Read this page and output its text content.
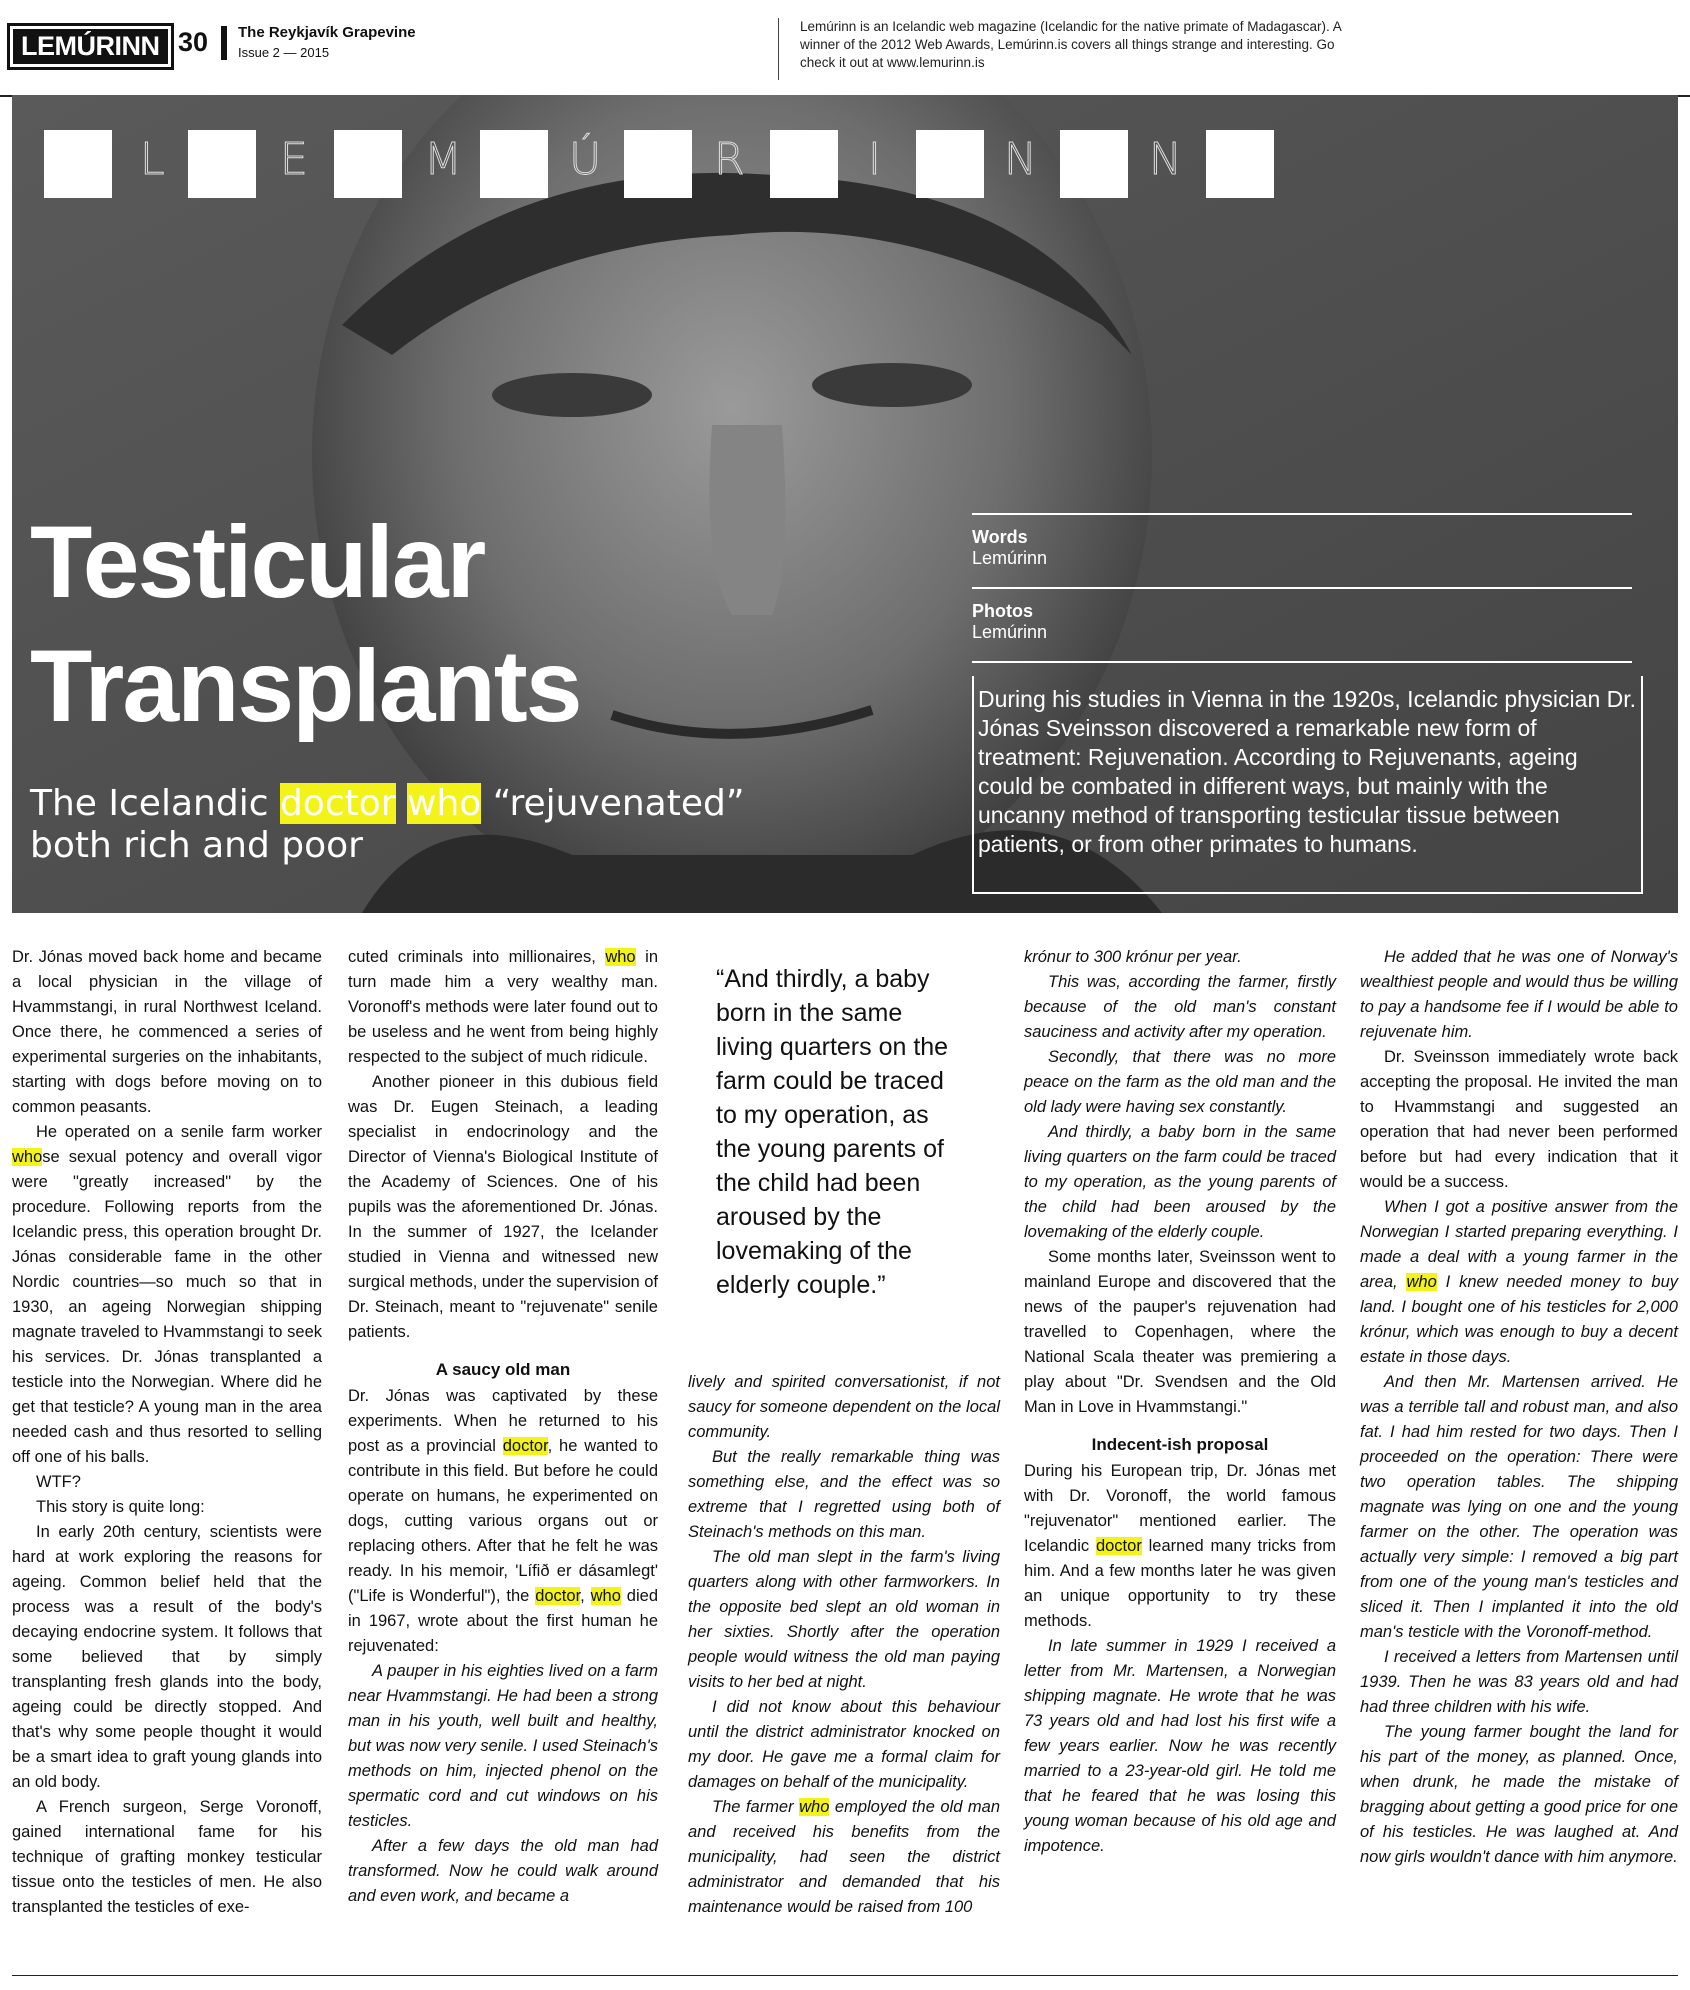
LEMÚRINN 30 The Reykjavík Grapevine
Issue 2 — 2015
Lemúrinn is an Icelandic web magazine (Icelandic for the native primate of Madagascar). A winner of the 2012 Web Awards, Lemúrinn.is covers all things strange and interesting. Go check it out at www.lemurinn.is
L	E	M Ú	R	I	N	N
Testicular
Transplants
The Icelandic doctor who “rejuvenated” both rich and poor
Words
Lemúrinn
Photos
Lemúrinn
During his studies in Vienna in the 1920s, Icelandic physician Dr. Jónas Sveinsson discovered a remarkable new form of treatment: Rejuvenation. According to Rejuvenants, ageing could be combated in different ways, but mainly with the uncanny method of transporting testicular tissue between patients, or from other primates to humans.

Dr. Jónas moved back home and became a local physician in the village of Hvammstangi, in rural Northwest Iceland. Once there, he commenced a series of experimental surgeries on the inhabitants, starting with dogs before moving on to common peasants.

He operated on a senile farm worker whose sexual potency and overall vigor were "greatly increased" by the procedure. Following reports from the Icelandic press, this operation brought Dr. Jónas considerable fame in the other Nordic countries—so much so that in 1930, an ageing Norwegian shipping magnate traveled to Hvammstangi to seek his services. Dr. Jónas transplanted a testicle into the Norwegian. Where did he get that testicle? A young man in the area needed cash and thus resorted to selling off one of his balls.

WTF?

This story is quite long:

In early 20th century, scientists were hard at work exploring the reasons for ageing. Common belief held that the process was a result of the body's decaying endocrine system. It follows that some believed that by simply transplanting fresh glands into the body, ageing could be directly stopped. And that's why some people thought it would be a smart idea to graft young glands into an old body.

A French surgeon, Serge Voronoff, gained international fame for his technique of grafting monkey testicular tissue onto the testicles of men. He also transplanted the testicles of exe-

cuted criminals into millionaires, who in turn made him a very wealthy man. Voronoff's methods were later found out to be useless and he went from being highly respected to the subject of much ridicule.

Another pioneer in this dubious field was Dr. Eugen Steinach, a leading specialist in endocrinology and the Director of Vienna's Biological Institute of the Academy of Sciences. One of his pupils was the aforementioned Dr. Jónas. In the summer of 1927, the Icelander studied in Vienna and witnessed new surgical methods, under the supervision of Dr. Steinach, meant to "rejuvenate" senile patients.

A saucy old man

Dr. Jónas was captivated by these experiments. When he returned to his post as a provincial doctor, he wanted to contribute in this field. But before he could operate on humans, he experimented on dogs, cutting various organs out or replacing others. After that he felt he was ready. In his memoir, 'Lífið er dásamlegt' ("Life is Wonderful"), the doctor, who died in 1967, wrote about the first human he rejuvenated:

A pauper in his eighties lived on a farm near Hvammstangi. He had been a strong man in his youth, well built and healthy, but was now very senile. I used Steinach's methods on him, injected phenol on the spermatic cord and cut windows on his testicles.

After a few days the old man had transformed. Now he could walk around and even work, and became a

“And thirdly, a baby born in the same living quarters on the farm could be traced to my operation, as the young parents of the child had been aroused by the lovemaking of the elderly couple.”

lively and spirited conversationist, if not saucy for someone dependent on the local community.

But the really remarkable thing was something else, and the effect was so extreme that I regretted using both of Steinach's methods on this man.

The old man slept in the farm's living quarters along with other farmworkers. In the opposite bed slept an old woman in her sixties. Shortly after the operation people would witness the old man paying visits to her bed at night.

I did not know about this behaviour until the district administrator knocked on my door. He gave me a formal claim for damages on behalf of the municipality.

The farmer who employed the old man and received his benefits from the municipality, had seen the district administrator and demanded that his maintenance would be raised from 100

krónur to 300 krónur per year.

This was, according the farmer, firstly because of the old man's constant sauciness and activity after my operation.

Secondly, that there was no more peace on the farm as the old man and the old lady were having sex constantly.

And thirdly, a baby born in the same living quarters on the farm could be traced to my operation, as the young parents of the child had been aroused by the lovemaking of the elderly couple.

Some months later, Sveinsson went to mainland Europe and discovered that the news of the pauper's rejuvenation had travelled to Copenhagen, where the National Scala theater was premiering a play about "Dr. Svendsen and the Old Man in Love in Hvammstangi."

Indecent-ish proposal

During his European trip, Dr. Jónas met with Dr. Voronoff, the world famous "rejuvenator" mentioned earlier. The Icelandic doctor learned many tricks from him. And a few months later he was given an unique opportunity to try these methods.

In late summer in 1929 I received a letter from Mr. Martensen, a Norwegian shipping magnate. He wrote that he was 73 years old and had lost his first wife a few years earlier. Now he was recently married to a 23-year-old girl. He told me that he feared that he was losing this young woman because of his old age and impotence.

He added that he was one of Norway's wealthiest people and would thus be willing to pay a handsome fee if I would be able to rejuvenate him.

Dr. Sveinsson immediately wrote back accepting the proposal. He invited the man to Hvammstangi and suggested an operation that had never been performed before but had every indication that it would be a success.

When I got a positive answer from the Norwegian I started preparing everything. I made a deal with a young farmer in the area, who I knew needed money to buy land. I bought one of his testicles for 2,000 krónur, which was enough to buy a decent estate in those days.

And then Mr. Martensen arrived. He was a terrible tall and robust man, and also fat. I had him rested for two days. Then I proceeded on the operation: There were two operation tables. The shipping magnate was lying on one and the young farmer on the other. The operation was actually very simple: I removed a big part from one of the young man's testicles and sliced it. Then I implanted it into the old man's testicle with the Voronoff-method.

I received a letters from Martensen until 1939. Then he was 83 years old and had had three children with his wife.

The young farmer bought the land for his part of the money, as planned. Once, when drunk, he made the mistake of bragging about getting a good price for one of his testicles. He was laughed at. And now girls wouldn't dance with him anymore.
